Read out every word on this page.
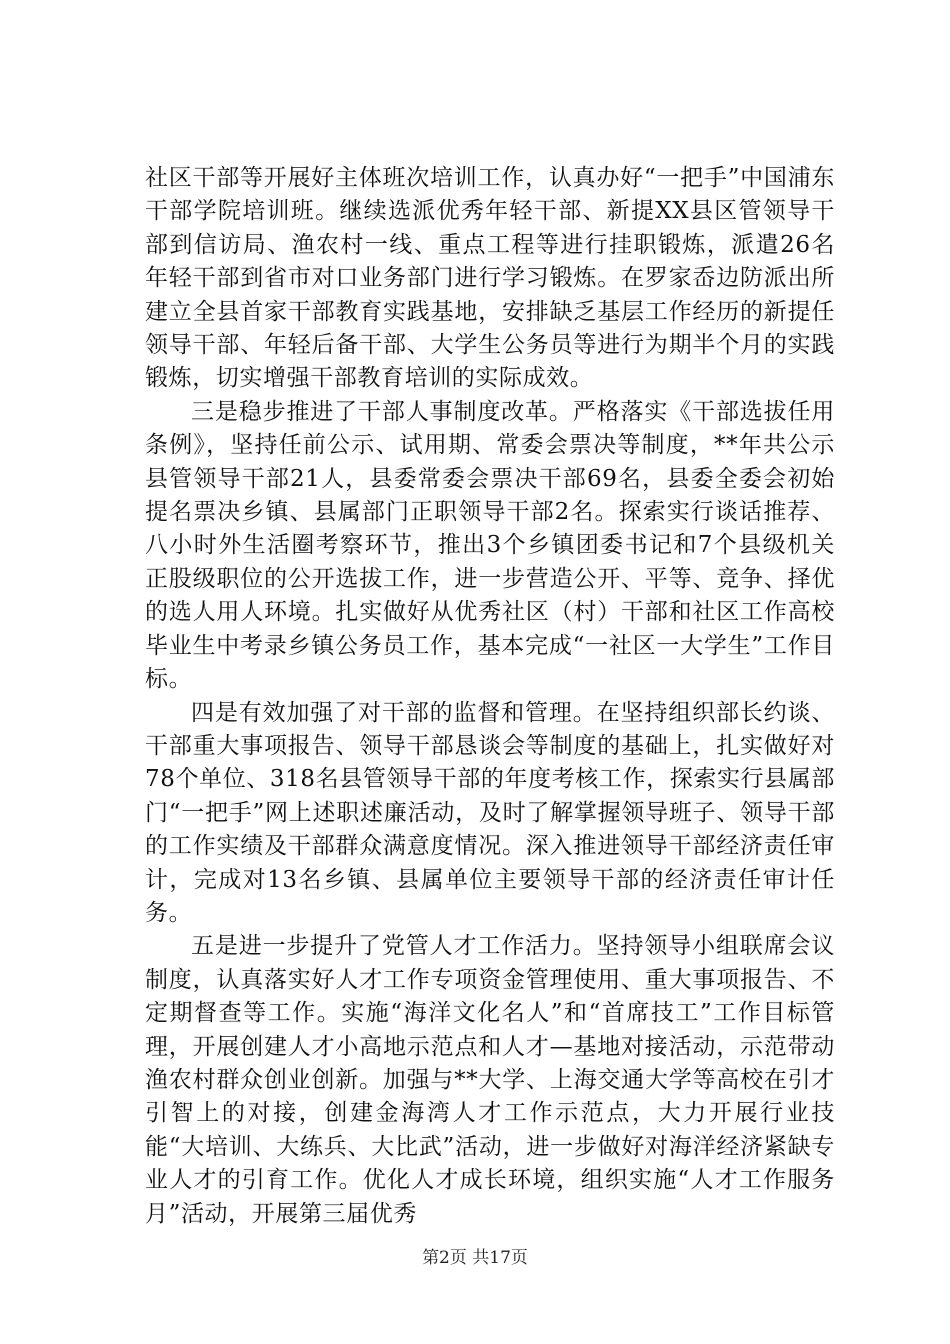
社区干部等开展好主体班次培训工作，认真办好“一把手”中国浦东干部学院培训班。继续选派优秀年轻干部、新提XX县区管领导干部到信访局、渔农村一线、重点工程等进行挂职锻炼，派遣26名年轻干部到省市对口业务部门进行学习锻炼。在罗家岙边防派出所建立全县首家干部教育实践基地，安排缺乏基层工作经历的新提任领导干部、年轻后备干部、大学生公务员等进行为期半个月的实践锻炼，切实增强干部教育培训的实际成效。

三是稳步推进了干部人事制度改革。严格落实《干部选拔任用条例》，坚持任前公示、试用期、常委会票决等制度，**年共公示县管领导干部21人，县委常委会票决干部69名，县委全委会初始提名票决乡镇、县属部门正职领导干部2名。探索实行谈话推荐、八小时外生活圈考察环节，推出3个乡镇团委书记和7个县级机关正股级职位的公开选拔工作，进一步营造公开、平等、竞争、择优的选人用人环境。扎实做好从优秀社区（村）干部和社区工作高校毕业生中考录乡镇公务员工作，基本完成“一社区一大学生”工作目标。

四是有效加强了对干部的监督和管理。在坚持组织部长约谈、干部重大事项报告、领导干部恳谈会等制度的基础上，扎实做好对78个单位、318名县管领导干部的年度考核工作，探索实行县属部门“一把手”网上述职述廉活动，及时了解掌握领导班子、领导干部的工作实绩及干部群众满意度情况。深入推进领导干部经济责任审计，完成对13名乡镇、县属单位主要领导干部的经济责任审计任务。

五是进一步提升了党管人才工作活力。坚持领导小组联席会议制度，认真落实好人才工作专项资金管理使用、重大事项报告、不定期督查等工作。实施“海洋文化名人”和“首席技工”工作目标管理，开展创建人才小高地示范点和人才—基地对接活动，示范带动渔农村群众创业创新。加强与**大学、上海交通大学等高校在引才引智上的对接，创建金海湾人才工作示范点，大力开展行业技能“大培训、大练兵、大比武”活动，进一步做好对海洋经济紧缺专业人才的引育工作。优化人才成长环境，组织实施“人才工作服务月”活动，开展第三届优秀

第2页 共17页
